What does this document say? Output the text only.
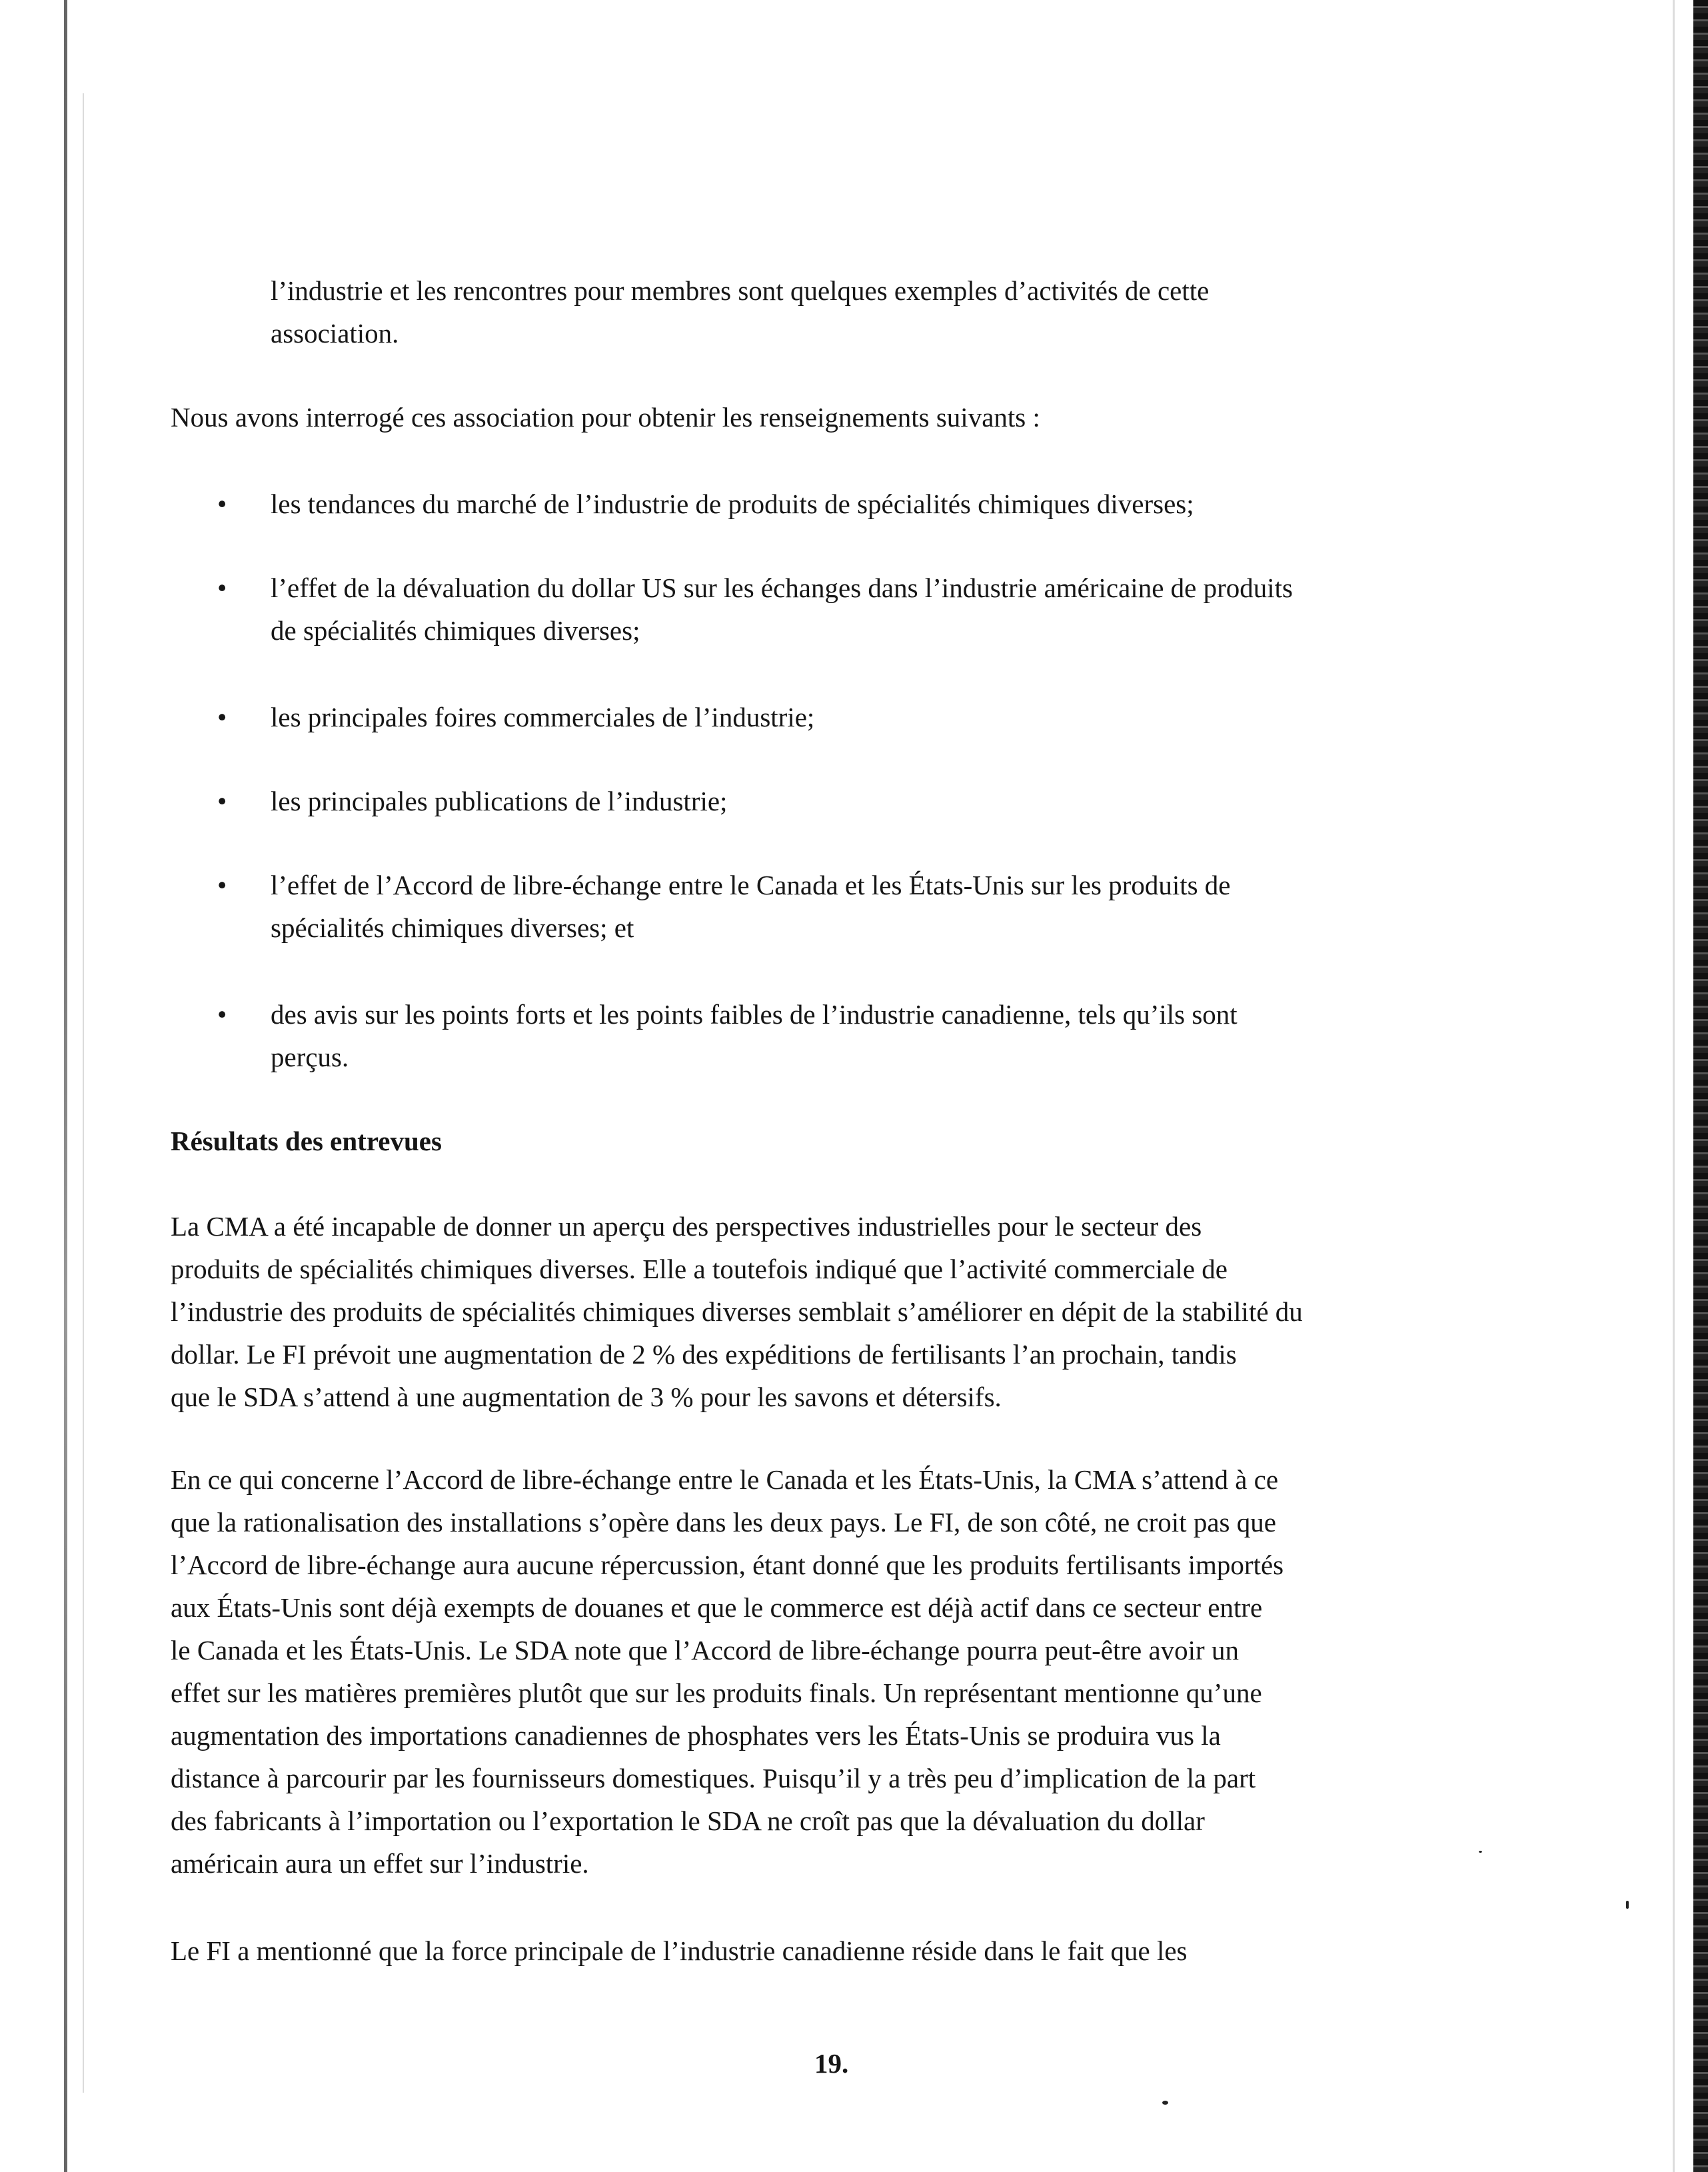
l’industrie et les rencontres pour membres sont quelques exemples d’activités de cette
association.
Nous avons interrogé ces association pour obtenir les renseignements suivants :
• les tendances du marché de l’industrie de produits de spécialités chimiques diverses;
• l’effet de la dévaluation du dollar US sur les échanges dans l’industrie américaine de produits
de spécialités chimiques diverses;
• les principales foires commerciales de l’industrie;
• les principales publications de l’industrie;
• l’effet de l’Accord de libre-échange entre le Canada et les États-Unis sur les produits de
spécialités chimiques diverses; et
• des avis sur les points forts et les points faibles de l’industrie canadienne, tels qu’ils sont
perçus.
Résultats des entrevues
La CMA a été incapable de donner un aperçu des perspectives industrielles pour le secteur des
produits de spécialités chimiques diverses. Elle a toutefois indiqué que l’activité commerciale de
l’industrie des produits de spécialités chimiques diverses semblait s’améliorer en dépit de la stabilité du
dollar. Le FI prévoit une augmentation de 2 % des expéditions de fertilisants l’an prochain, tandis
que le SDA s’attend à une augmentation de 3 % pour les savons et détersifs.
En ce qui concerne l’Accord de libre-échange entre le Canada et les États-Unis, la CMA s’attend à ce
que la rationalisation des installations s’opère dans les deux pays. Le FI, de son côté, ne croit pas que
l’Accord de libre-échange aura aucune répercussion, étant donné que les produits fertilisants importés
aux États-Unis sont déjà exempts de douanes et que le commerce est déjà actif dans ce secteur entre
le Canada et les États-Unis. Le SDA note que l’Accord de libre-échange pourra peut-être avoir un
effet sur les matières premières plutôt que sur les produits finals. Un représentant mentionne qu’une
augmentation des importations canadiennes de phosphates vers les États-Unis se produira vus la
distance à parcourir par les fournisseurs domestiques. Puisqu’il y a très peu d’implication de la part
des fabricants à l’importation ou l’exportation le SDA ne croît pas que la dévaluation du dollar
américain aura un effet sur l’industrie.
Le FI a mentionné que la force principale de l’industrie canadienne réside dans le fait que les
19.
